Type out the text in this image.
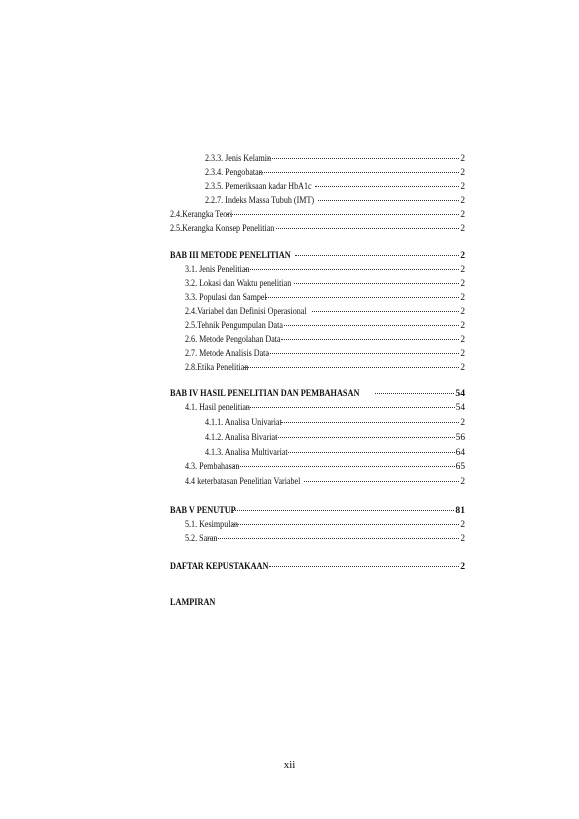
2.3.3. Jenis Kelamin	2
2.3.4. Pengobatan	2
2.3.5. Pemeriksaan kadar HbA1c	2
2.2.7. Indeks Massa Tubuh (IMT)	2
2.4.Kerangka Teori	2
2.5.Kerangka Konsep Penelitian	2
BAB III METODE PENELITIAN	2
3.1. Jenis Penelitian	2
3.2. Lokasi dan Waktu penelitian	2
3.3. Populasi dan Sampel	2
2.4.Variabel dan Definisi Operasional	2
2.5.Tehnik Pengumpulan Data	2
2.6. Metode Pengolahan Data	2
2.7. Metode Analisis Data	2
2.8.Etika Penelitian	2
BAB IV HASIL PENELITIAN DAN PEMBAHASAN	54
4.1. Hasil penelitian	54
4.1.1. Analisa Univariat	2
4.1.2. Analisa Bivariat	56
4.1.3. Analisa Multivariat	64
4.3. Pembahasan	65
4.4 keterbatasan Penelitian Variabel	2
BAB V PENUTUP	81
5.1. Kesimpulan	2
5.2. Saran	2
DAFTAR KEPUSTAKAAN	2
LAMPIRAN
xii
